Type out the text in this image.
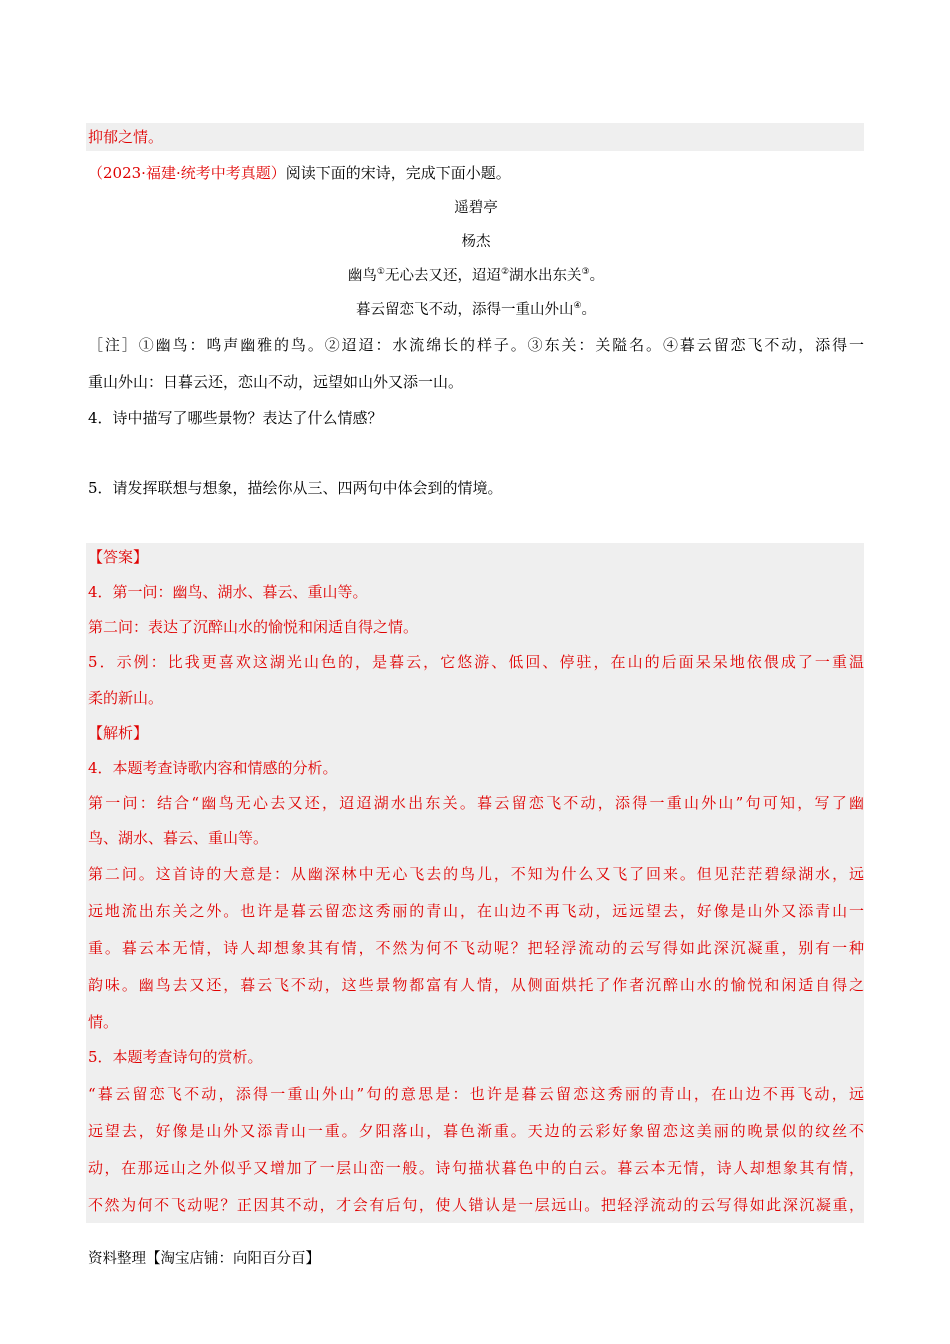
抑郁之情。
（2023·福建·统考中考真题）阅读下面的宋诗，完成下面小题。
遥碧亭
杨杰
幽鸟①无心去又还，迢迢②湖水出东关③。
暮云留恋飞不动，添得一重山外山④。
［注］①幽鸟：鸣声幽雅的鸟。②迢迢：水流绵长的样子。③东关：关隘名。④暮云留恋飞不动，添得一
重山外山：日暮云还，恋山不动，远望如山外又添一山。
4．诗中描写了哪些景物？表达了什么情感？
5．请发挥联想与想象，描绘你从三、四两句中体会到的情境。
【答案】
4．第一问：幽鸟、湖水、暮云、重山等。
第二问：表达了沉醉山水的愉悦和闲适自得之情。
5．示例：比我更喜欢这湖光山色的，是暮云，它悠游、低回、停驻，在山的后面呆呆地依偎成了一重温
柔的新山。
【解析】
4．本题考查诗歌内容和情感的分析。
第一问：结合“幽鸟无心去又还，迢迢湖水出东关。暮云留恋飞不动，添得一重山外山”句可知，写了幽
鸟、湖水、暮云、重山等。
第二问。这首诗的大意是：从幽深林中无心飞去的鸟儿，不知为什么又飞了回来。但见茫茫碧绿湖水，远
远地流出东关之外。也许是暮云留恋这秀丽的青山，在山边不再飞动，远远望去，好像是山外又添青山一
重。暮云本无情，诗人却想象其有情，不然为何不飞动呢？把轻浮流动的云写得如此深沉凝重，别有一种
韵味。幽鸟去又还，暮云飞不动，这些景物都富有人情，从侧面烘托了作者沉醉山水的愉悦和闲适自得之
情。
5．本题考查诗句的赏析。
“暮云留恋飞不动，添得一重山外山”句的意思是：也许是暮云留恋这秀丽的青山，在山边不再飞动，远
远望去，好像是山外又添青山一重。夕阳落山，暮色渐重。天边的云彩好象留恋这美丽的晚景似的纹丝不
动，在那远山之外似乎又增加了一层山峦一般。诗句描状暮色中的白云。暮云本无情，诗人却想象其有情，
不然为何不飞动呢？正因其不动，才会有后句，使人错认是一层远山。把轻浮流动的云写得如此深沉凝重，
资料整理【淘宝店铺：向阳百分百】
